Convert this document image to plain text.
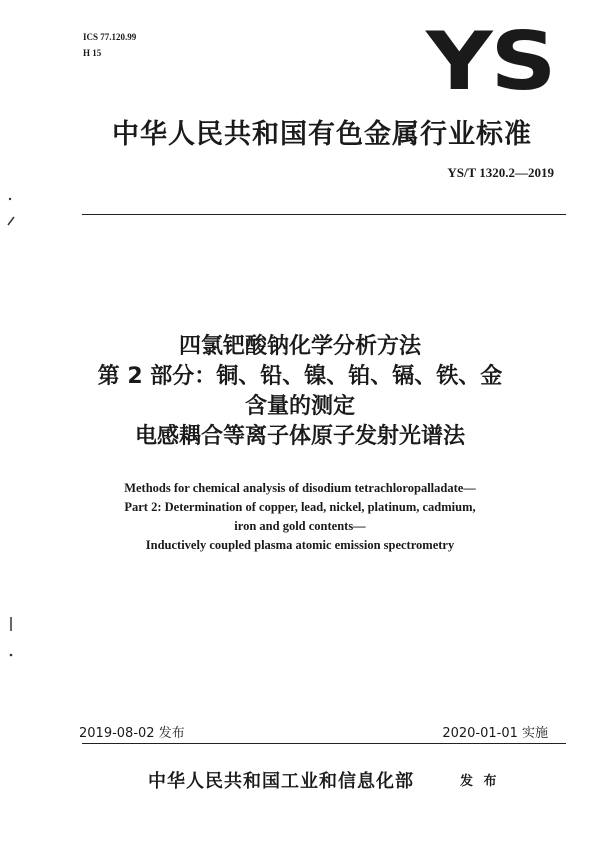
ICS 77.120.99
H 15	YS
中华人民共和国有色金属行业标准
YS/T 1320.2—2019
四氯钯酸钠化学分析方法
第 2 部分：铜、铅、镍、铂、镉、铁、金
含量的测定
电感耦合等离子体原子发射光谱法
Methods for chemical analysis of disodium tetrachloropalladate—
Part 2: Determination of copper, lead, nickel, platinum, cadmium,
iron and gold contents—
Inductively coupled plasma atomic emission spectrometry
2019-08-02 发布	2020-01-01 实施
中华人民共和国工业和信息化部	发 布
